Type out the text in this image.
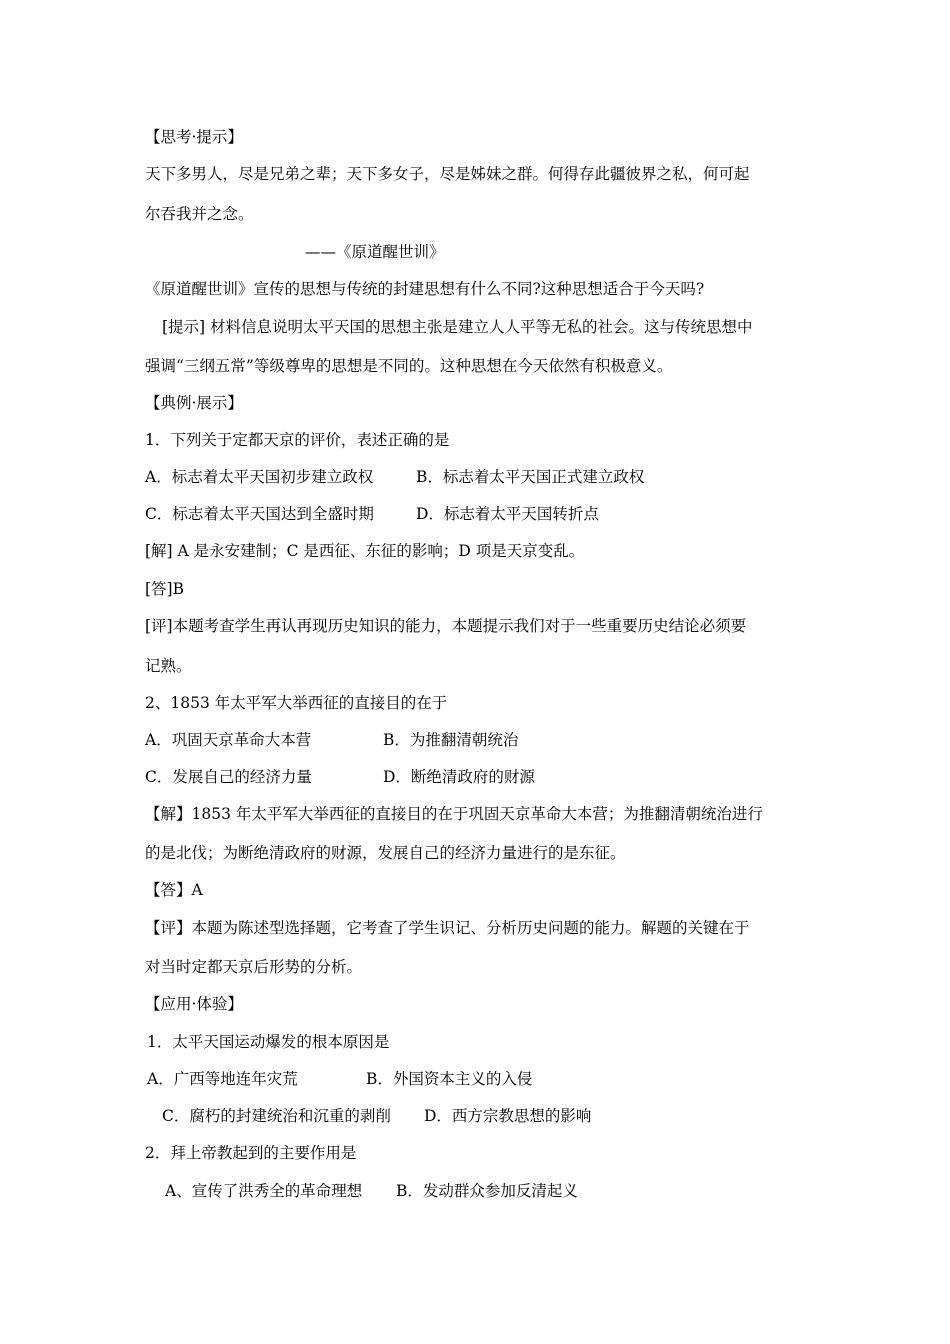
【思考·提示】
天下多男人，尽是兄弟之辈；天下多女子，尽是姊妹之群。何得存此疆彼界之私，何可起
尔吞我并之念。
——《原道醒世训》
《原道醒世训》宣传的思想与传统的封建思想有什么不同?这种思想适合于今天吗?
[提示] 材料信息说明太平天国的思想主张是建立人人平等无私的社会。这与传统思想中
强调“三纲五常”等级尊卑的思想是不同的。这种思想在今天依然有积极意义。
【典例·展示】
1．下列关于定都天京的评价，表述正确的是
A．标志着太平天国初步建立政权	B．标志着太平天国正式建立政权
C．标志着太平天国达到全盛时期	D．标志着太平天国转折点
[解] A 是永安建制；C 是西征、东征的影响；D 项是天京变乱。
[答]B
[评]本题考查学生再认再现历史知识的能力，本题提示我们对于一些重要历史结论必须要
记熟。
2、1853 年太平军大举西征的直接目的在于
A．巩固天京革命大本营	B．为推翻清朝统治
C．发展自己的经济力量	D．断绝清政府的财源
【解】1853 年太平军大举西征的直接目的在于巩固天京革命大本营；为推翻清朝统治进行
的是北伐；为断绝清政府的财源，发展自己的经济力量进行的是东征。
【答】A
【评】本题为陈述型选择题，它考查了学生识记、分析历史问题的能力。解题的关键在于
对当时定都天京后形势的分析。
【应用·体验】
1．太平天国运动爆发的根本原因是
A．广西等地连年灾荒	B．外国资本主义的入侵
C．腐朽的封建统治和沉重的剥削 D．西方宗教思想的影响
2．拜上帝教起到的主要作用是
A、宣传了洪秀全的革命理想 B．发动群众参加反清起义
